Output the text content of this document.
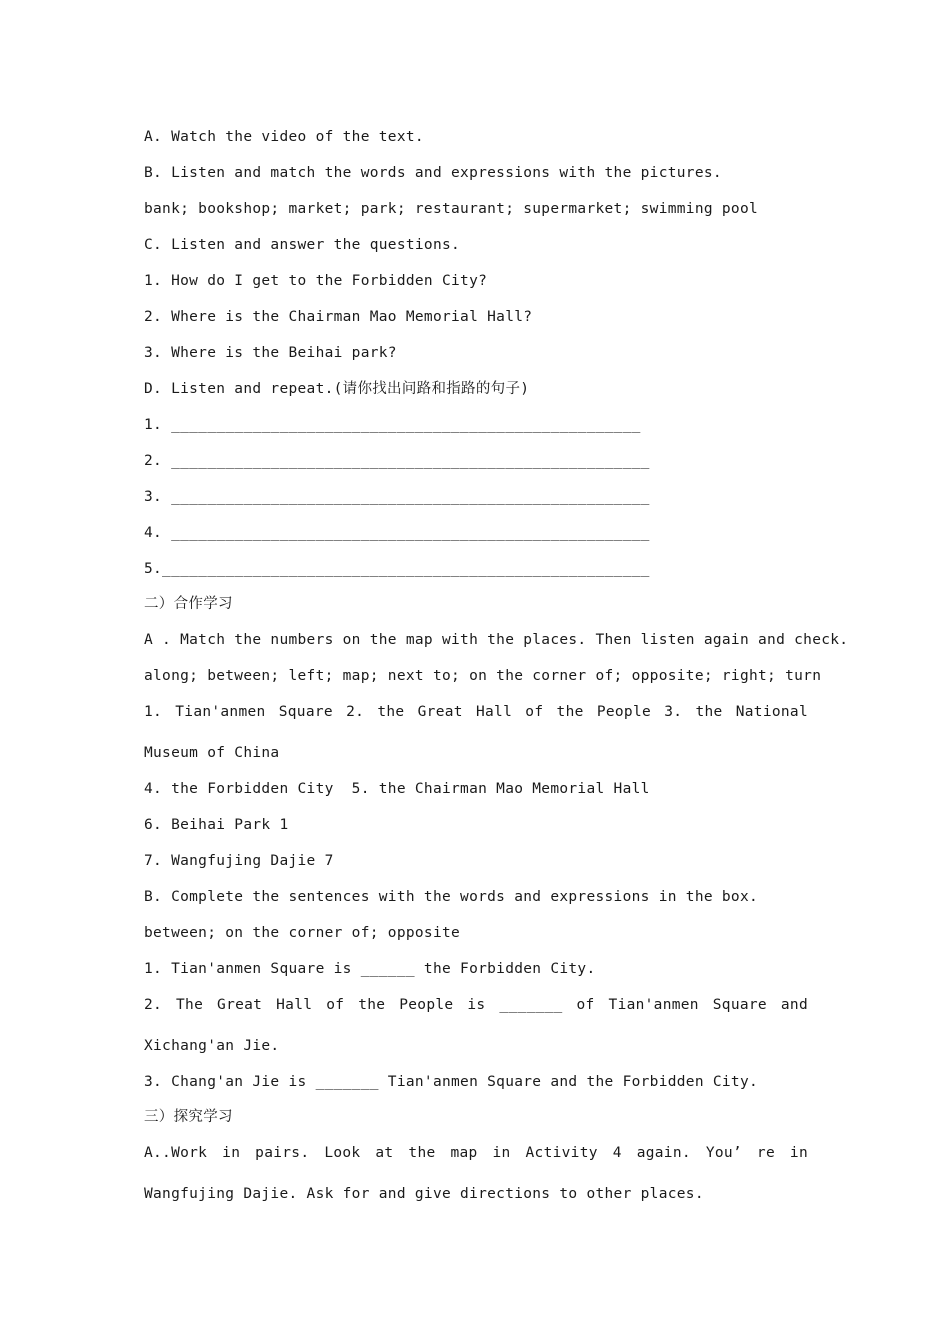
A. Watch the video of the text.
B. Listen and match the words and expressions with the pictures.
bank; bookshop; market; park; restaurant; supermarket; swimming pool
C. Listen and answer the questions.
1. How do I get to the Forbidden City?
2. Where is the Chairman Mao Memorial Hall?
3. Where is the Beihai park?
D. Listen and repeat.(请你找出问路和指路的句子)
1. ____________________________________________________
2. _____________________________________________________
3. _____________________________________________________
4. _____________________________________________________
5.______________________________________________________
二）合作学习
A . Match the numbers on the map with the places. Then listen again and check.
along; between; left; map; next to; on the corner of; opposite; right; turn
1. Tian'anmen Square 2. the Great Hall of the People 3. the National Museum of China
4. the Forbidden City  5. the Chairman Mao Memorial Hall
6. Beihai Park 1
7. Wangfujing Dajie 7
B. Complete the sentences with the words and expressions in the box.
between; on the corner of; opposite
1. Tian'anmen Square is ______ the Forbidden City.
2. The Great Hall of the People is _______ of Tian'anmen Square and Xichang'an Jie.
3. Chang'an Jie is _______ Tian'anmen Square and the Forbidden City.
三）探究学习
A..Work in pairs. Look at the map in Activity 4 again. You’ re in Wangfujing Dajie. Ask for and give directions to other places.
